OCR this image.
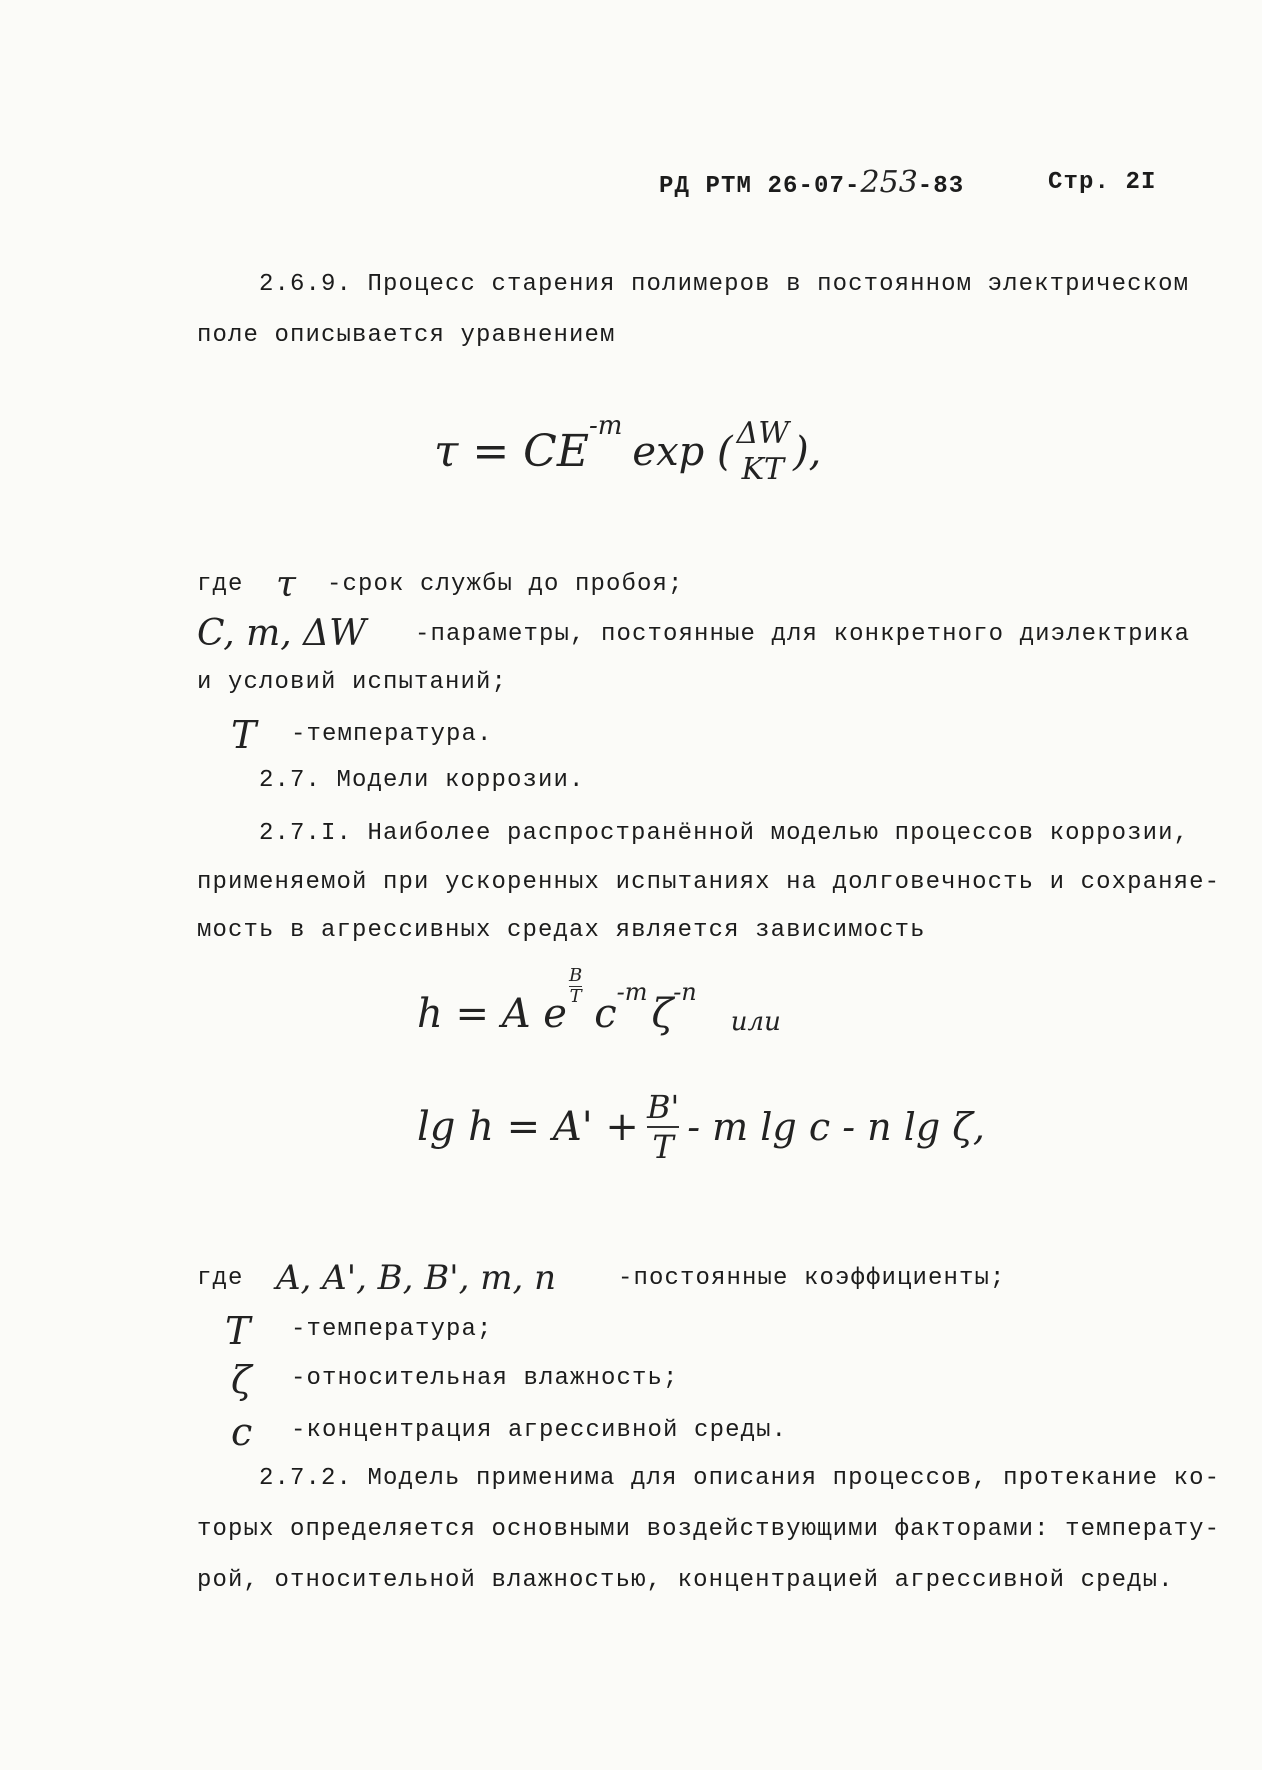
РД РТМ 26-07-253-83	Стр. 2I
2.6.9. Процесс старения полимеров в постоянном электрическом
поле описывается уравнением
τ = CE -m
exp ( ΔW
KT ),
где τ -срок службы до пробоя;
C, m, ΔW -параметры, постоянные для конкретного диэлектрика
и условий испытаний;
T -температура.
2.7. Модели коррозии.
2.7.I. Наиболее распространённой моделью процессов коррозии,
применяемой при ускоренных испытаниях на долговечность и сохраняе-
мость в агрессивных средах является зависимость
h = A e
$\frac{B}{T}$
c -m ζ -n
или
$\lg h = A' + \frac{B'}{T} - m$ lg c - n lg ζ,
где A, A', B, B', m, n	-постоянные коэффициенты;
T -температура;
ζ -относительная влажность;
c -концентрация агрессивной среды.
2.7.2. Модель применима для описания процессов, протекание ко-
торых определяется основными воздействующими факторами: температу-
рой, относительной влажностью, концентрацией агрессивной среды.
